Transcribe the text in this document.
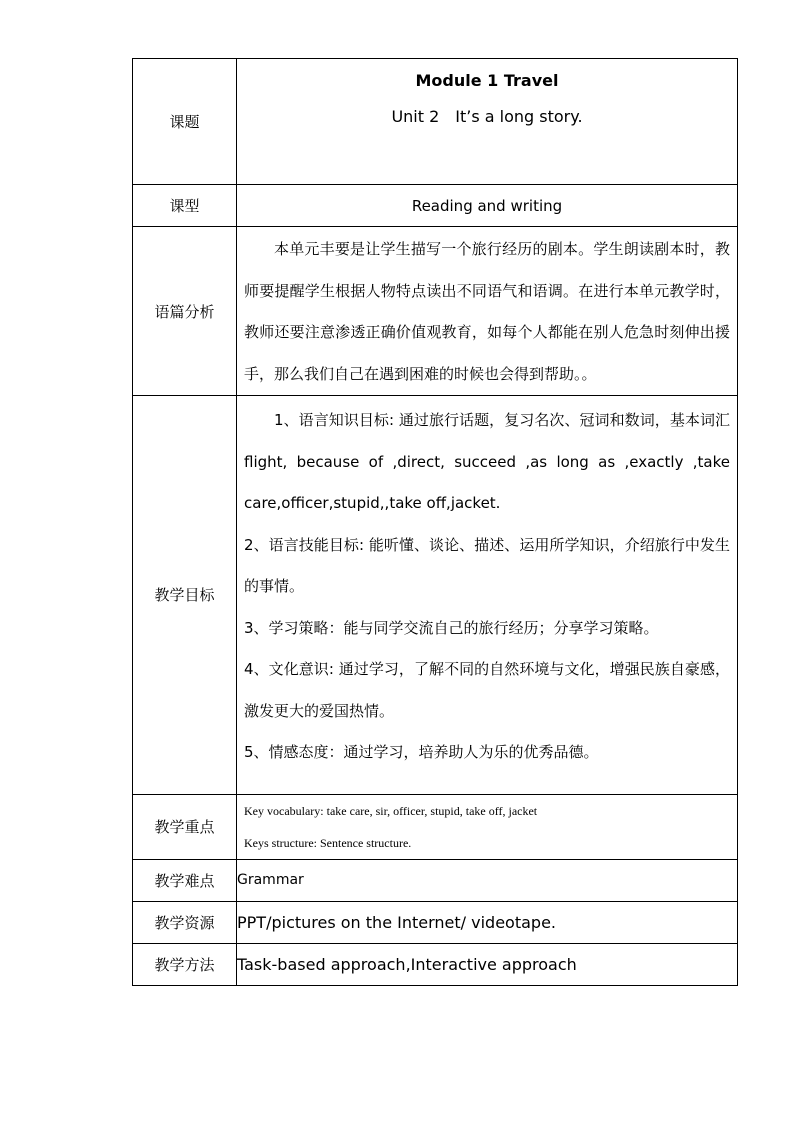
课题	Module 1 Travel
Unit 2　It’s a long story.

课型	Reading and writing
语篇分析	本单元丰要是让学生描写一个旅行经历的剧本。学生朗读剧本时，教师要提醒学生根据人物特点读出不同语气和语调。在进行本单元教学时，教师还要注意渗透正确价值观教育，如每个人都能在别人危急时刻伸出援手，那么我们自己在遇到困难的时候也会得到帮助。。

教学目标	1、语言知识目标: 通过旅行话题，复习名次、冠词和数词，基本词汇 flight, because of ,direct, succeed ,as long as ,exactly ,take care,officer,stupid,,take off,jacket.

2、语言技能目标: 能听懂、谈论、描述、运用所学知识，介绍旅行中发生的事情。

3、学习策略：能与同学交流自己的旅行经历；分享学习策略。

4、文化意识: 通过学习，了解不同的自然环境与文化，增强民族自豪感，激发更大的爱国热情。

5、情感态度：通过学习，培养助人为乐的优秀品德。

教学重点	Key vocabulary: take care, sir, officer, stupid, take off, jacket
Keys structure: Sentence structure.

教学难点	Grammar
教学资源	PPT/pictures on the Internet/ videotape.
教学方法	Task-based approach,Interactive approach
